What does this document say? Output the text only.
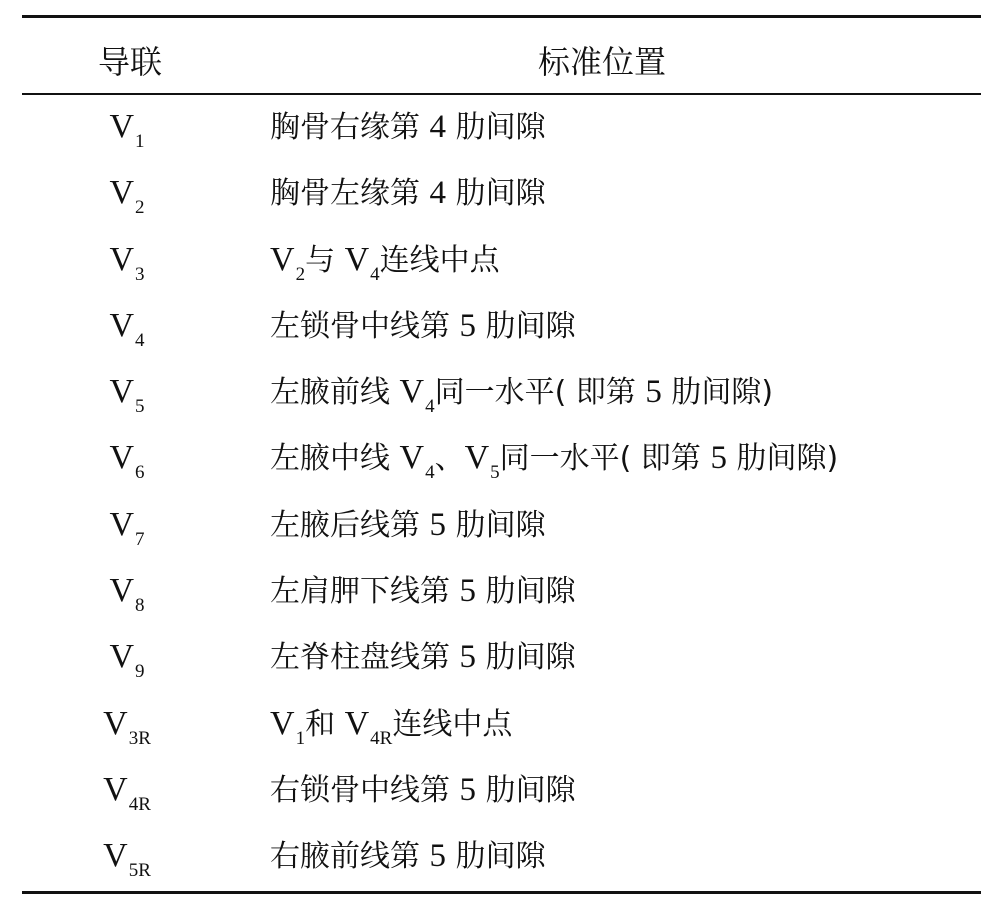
导联	标准位置
$V_1$	胸骨右缘第 4 肋间隙
$V_2$	胸骨左缘第 4 肋间隙
$V_3$	$V_2$与 $V_4$连线中点
$V_4$	左锁骨中线第 5 肋间隙
$V_5$	左腋前线 $V_4$同一水平( 即第 5 肋间隙)
$V_6$	左腋中线 $V_4$、$V_5$同一水平( 即第 5 肋间隙)
$V_7$	左腋后线第 5 肋间隙
$V_8$	左肩胛下线第 5 肋间隙
$V_9$	左脊柱盘线第 5 肋间隙
$V_{3R}$	$V_1$和 $V_{4R}$连线中点
$V_{4R}$	右锁骨中线第 5 肋间隙
$V_{5R}$	右腋前线第 5 肋间隙
